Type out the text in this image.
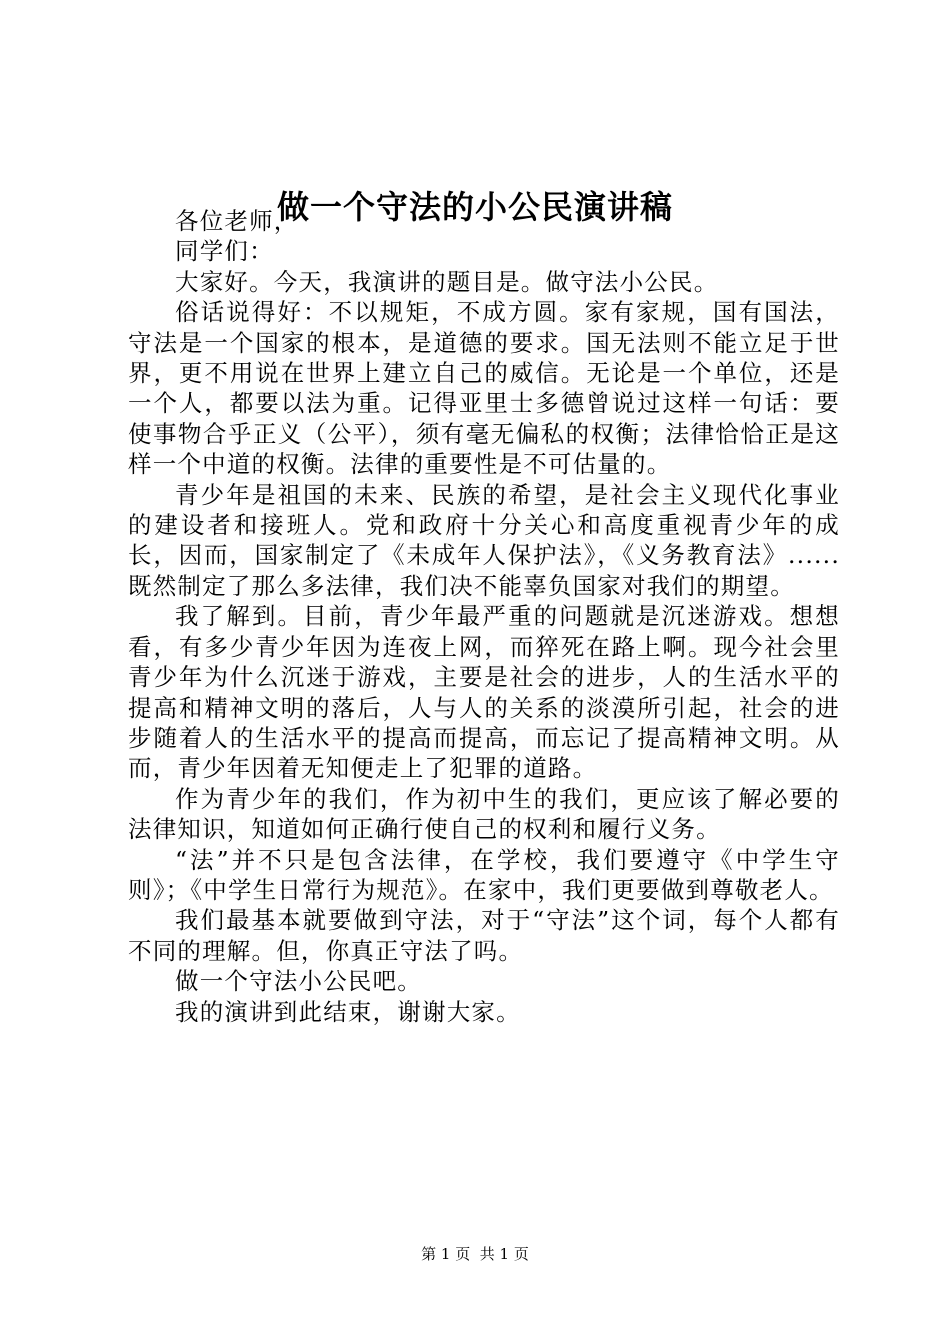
做一个守法的小公民演讲稿

各位老师，

同学们：

大家好。今天，我演讲的题目是。做守法小公民。

俗话说得好：不以规矩，不成方圆。家有家规，国有国法，守法是一个国家的根本，是道德的要求。国无法则不能立足于世界，更不用说在世界上建立自己的威信。无论是一个单位，还是一个人，都要以法为重。记得亚里士多德曾说过这样一句话：要使事物合乎正义（公平），须有毫无偏私的权衡；法律恰恰正是这样一个中道的权衡。法律的重要性是不可估量的。

青少年是祖国的未来、民族的希望，是社会主义现代化事业的建设者和接班人。党和政府十分关心和高度重视青少年的成长，因而，国家制定了《未成年人保护法》，《义务教育法》......既然制定了那么多法律，我们决不能辜负国家对我们的期望。

我了解到。目前，青少年最严重的问题就是沉迷游戏。想想看，有多少青少年因为连夜上网，而猝死在路上啊。现今社会里青少年为什么沉迷于游戏，主要是社会的进步，人的生活水平的提高和精神文明的落后，人与人的关系的淡漠所引起，社会的进步随着人的生活水平的提高而提高，而忘记了提高精神文明。从而，青少年因着无知便走上了犯罪的道路。

作为青少年的我们，作为初中生的我们，更应该了解必要的法律知识，知道如何正确行使自己的权利和履行义务。

“法”并不只是包含法律，在学校，我们要遵守《中学生守则》；《中学生日常行为规范》。在家中，我们更要做到尊敬老人。

我们最基本就要做到守法，对于“守法”这个词，每个人都有不同的理解。但，你真正守法了吗。

做一个守法小公民吧。

我的演讲到此结束，谢谢大家。

第 1 页  共 1 页
